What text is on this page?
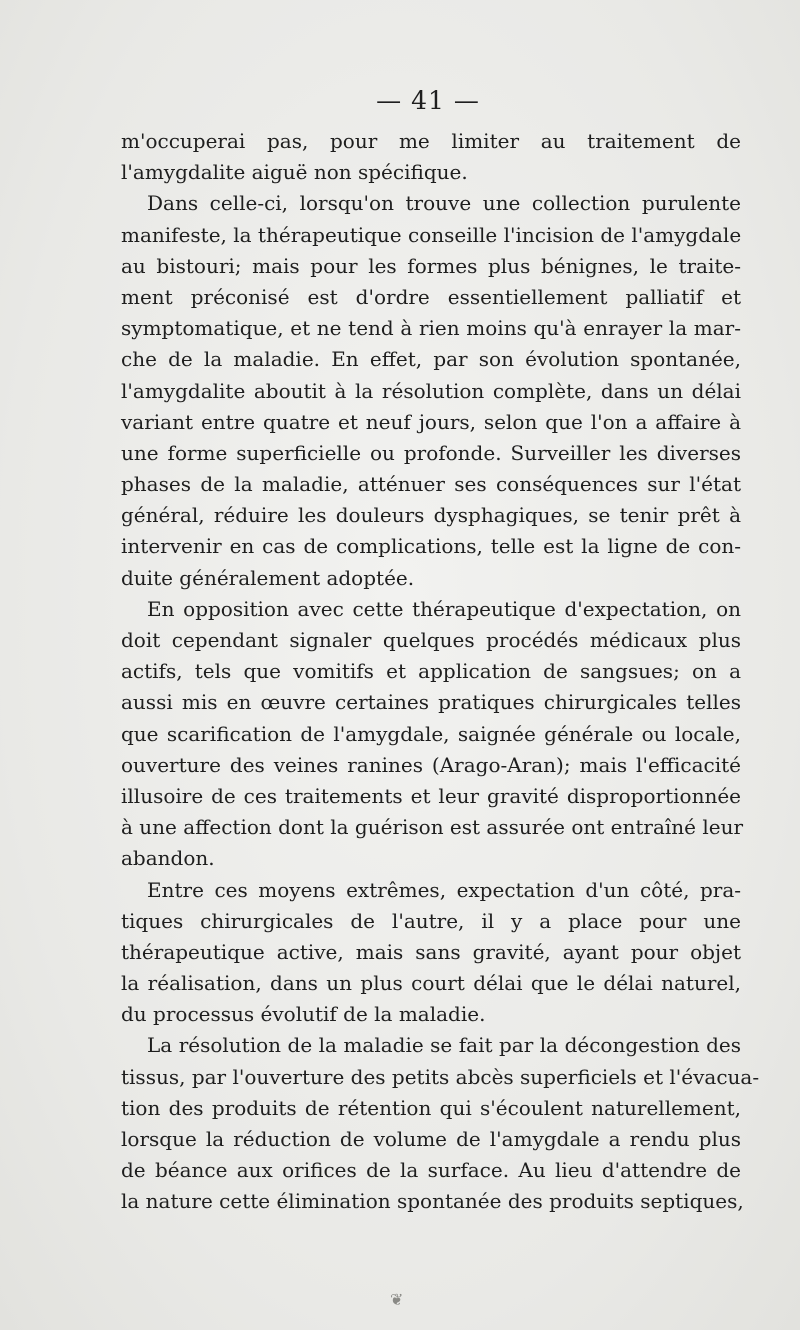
— 41 —
m'occuperai pas, pour me limiter au traitement de
l'amygdalite aiguë non spécifique.
Dans celle-ci, lorsqu'on trouve une collection purulente
manifeste, la thérapeutique conseille l'incision de l'amygdale
au bistouri; mais pour les formes plus bénignes, le traite-
ment préconisé est d'ordre essentiellement palliatif et
symptomatique, et ne tend à rien moins qu'à enrayer la mar-
che de la maladie. En effet, par son évolution spontanée,
l'amygdalite aboutit à la résolution complète, dans un délai
variant entre quatre et neuf jours, selon que l'on a affaire à
une forme superficielle ou profonde. Surveiller les diverses
phases de la maladie, atténuer ses conséquences sur l'état
général, réduire les douleurs dysphagiques, se tenir prêt à
intervenir en cas de complications, telle est la ligne de con-
duite généralement adoptée.
En opposition avec cette thérapeutique d'expectation, on
doit cependant signaler quelques procédés médicaux plus
actifs, tels que vomitifs et application de sangsues; on a
aussi mis en œuvre certaines pratiques chirurgicales telles
que scarification de l'amygdale, saignée générale ou locale,
ouverture des veines ranines (Arago-Aran); mais l'efficacité
illusoire de ces traitements et leur gravité disproportionnée
à une affection dont la guérison est assurée ont entraîné leur
abandon.
Entre ces moyens extrêmes, expectation d'un côté, pra-
tiques chirurgicales de l'autre, il y a place pour une
thérapeutique active, mais sans gravité, ayant pour objet
la réalisation, dans un plus court délai que le délai naturel,
du processus évolutif de la maladie.
La résolution de la maladie se fait par la décongestion des
tissus, par l'ouverture des petits abcès superficiels et l'évacua-
tion des produits de rétention qui s'écoulent naturellement,
lorsque la réduction de volume de l'amygdale a rendu plus
de béance aux orifices de la surface. Au lieu d'attendre de
la nature cette élimination spontanée des produits septiques,
❦
